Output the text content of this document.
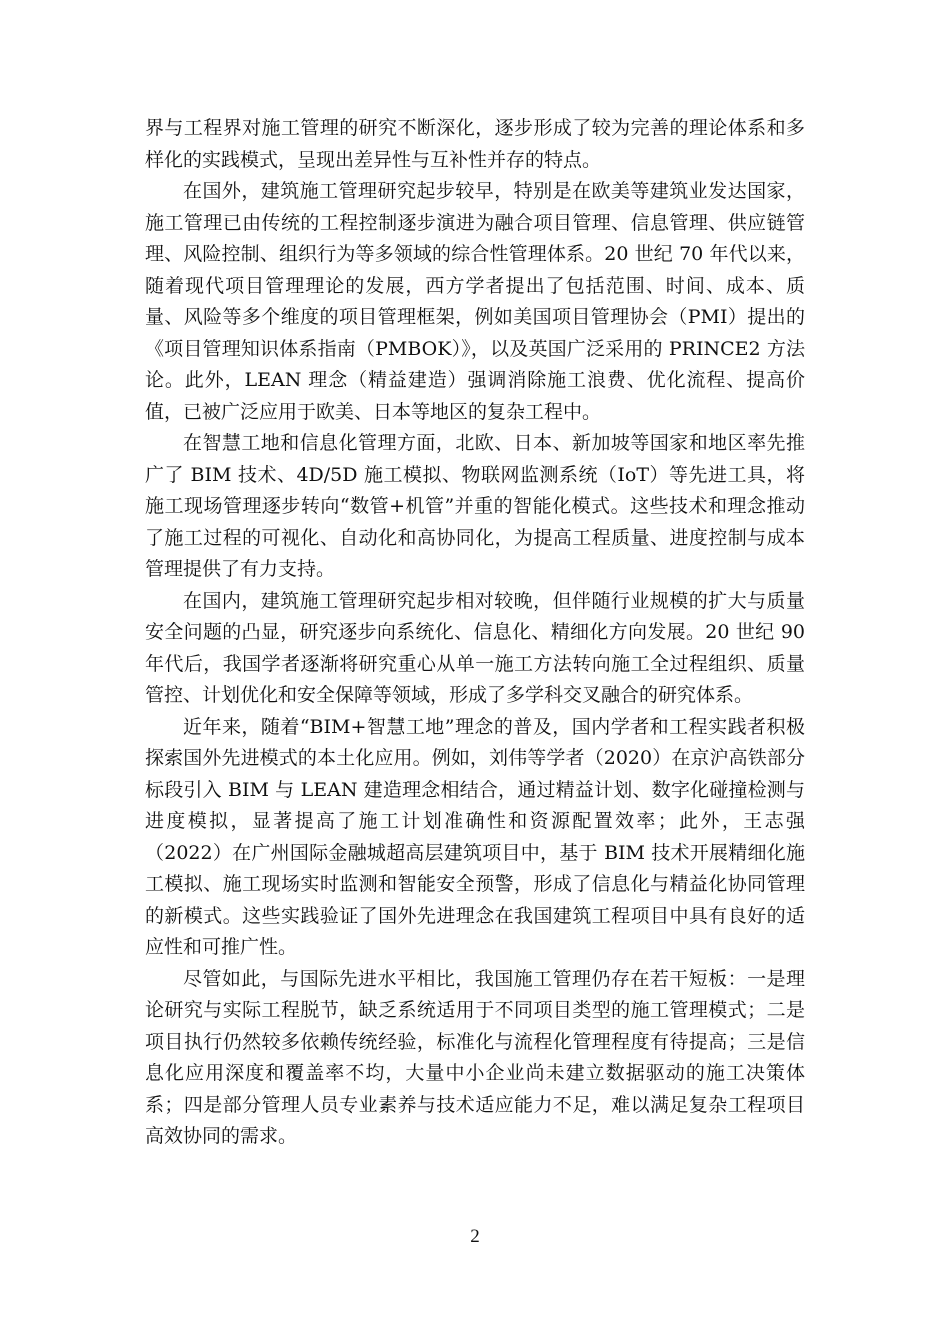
界与工程界对施工管理的研究不断深化，逐步形成了较为完善的理论体系和多样化的实践模式，呈现出差异性与互补性并存的特点。

在国外，建筑施工管理研究起步较早，特别是在欧美等建筑业发达国家，施工管理已由传统的工程控制逐步演进为融合项目管理、信息管理、供应链管理、风险控制、组织行为等多领域的综合性管理体系。20 世纪 70 年代以来，随着现代项目管理理论的发展，西方学者提出了包括范围、时间、成本、质量、风险等多个维度的项目管理框架，例如美国项目管理协会（PMI）提出的《项目管理知识体系指南（PMBOK）》，以及英国广泛采用的 PRINCE2 方法论。此外，LEAN 理念（精益建造）强调消除施工浪费、优化流程、提高价值，已被广泛应用于欧美、日本等地区的复杂工程中。

在智慧工地和信息化管理方面，北欧、日本、新加坡等国家和地区率先推广了 BIM 技术、4D/5D 施工模拟、物联网监测系统（IoT）等先进工具，将施工现场管理逐步转向“数管+机管”并重的智能化模式。这些技术和理念推动了施工过程的可视化、自动化和高协同化，为提高工程质量、进度控制与成本管理提供了有力支持。

在国内，建筑施工管理研究起步相对较晚，但伴随行业规模的扩大与质量安全问题的凸显，研究逐步向系统化、信息化、精细化方向发展。20 世纪 90 年代后，我国学者逐渐将研究重心从单一施工方法转向施工全过程组织、质量管控、计划优化和安全保障等领域，形成了多学科交叉融合的研究体系。

近年来，随着“BIM+智慧工地”理念的普及，国内学者和工程实践者积极探索国外先进模式的本土化应用。例如，刘伟等学者（2020）在京沪高铁部分标段引入 BIM 与 LEAN 建造理念相结合，通过精益计划、数字化碰撞检测与进度模拟，显著提高了施工计划准确性和资源配置效率；此外，王志强（2022）在广州国际金融城超高层建筑项目中，基于 BIM 技术开展精细化施工模拟、施工现场实时监测和智能安全预警，形成了信息化与精益化协同管理的新模式。这些实践验证了国外先进理念在我国建筑工程项目中具有良好的适应性和可推广性。

尽管如此，与国际先进水平相比，我国施工管理仍存在若干短板：一是理论研究与实际工程脱节，缺乏系统适用于不同项目类型的施工管理模式；二是项目执行仍然较多依赖传统经验，标准化与流程化管理程度有待提高；三是信息化应用深度和覆盖率不均，大量中小企业尚未建立数据驱动的施工决策体系；四是部分管理人员专业素养与技术适应能力不足，难以满足复杂工程项目高效协同的需求。

2
